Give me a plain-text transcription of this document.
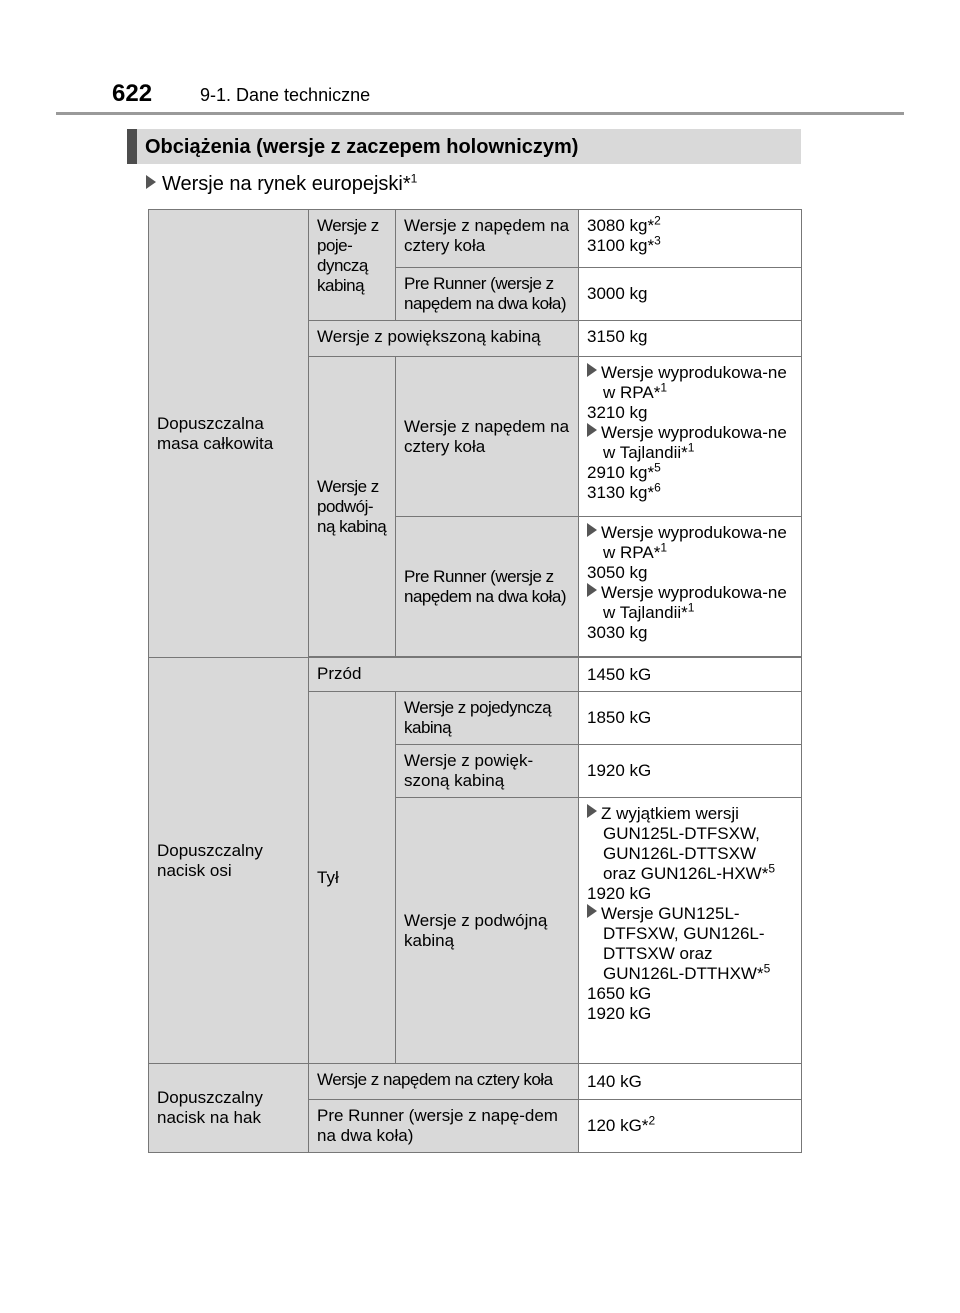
622	9-1. Dane techniczne
Obciążenia (wersje z zaczepem holowniczym)
Wersje na rynek europejski*$^1$
Dopuszczalna masa całkowita	Wersje z poje-dynczą kabiną	Wersje z napędem na cztery koła	3080 kg*$^2$
3100 kg*$^3$

		Pre Runner (wersje z napędem na dwa koła)	3000 kg
	Wersje z powiększoną kabiną		3150 kg
	Wersje z podwój-ną kabiną	Wersje z napędem na cztery koła	Wersje wyprodukowa-ne w RPA*$^1$
3210 kg
Wersje wyprodukowa-ne w Tajlandii*$^1$
2910 kg*$^5$
3130 kg*$^6$

		Pre Runner (wersje z napędem na dwa koła)	Wersje wyprodukowa-ne w RPA*$^1$
3050 kg
Wersje wyprodukowa-ne w Tajlandii*$^1$
3030 kg

Dopuszczalny nacisk osi	Przód		1450 kG
	Tył	Wersje z pojedynczą kabiną	1850 kG
		Wersje z powięk-szoną kabiną	1920 kG
		Wersje z podwójną kabiną	Z wyjątkiem wersji GUN125L-DTFSXW, GUN126L-DTTSXW oraz GUN126L-HXW*$^5$
1920 kG
Wersje GUN125L-DTFSXW, GUN126L-DTTSXW oraz GUN126L-DTTHXW*$^5$
1650 kG
1920 kG

Dopuszczalny nacisk na hak	Wersje z napędem na cztery koła		140 kG
	Pre Runner (wersje z napę-dem na dwa koła)		120 kG*$^2$
